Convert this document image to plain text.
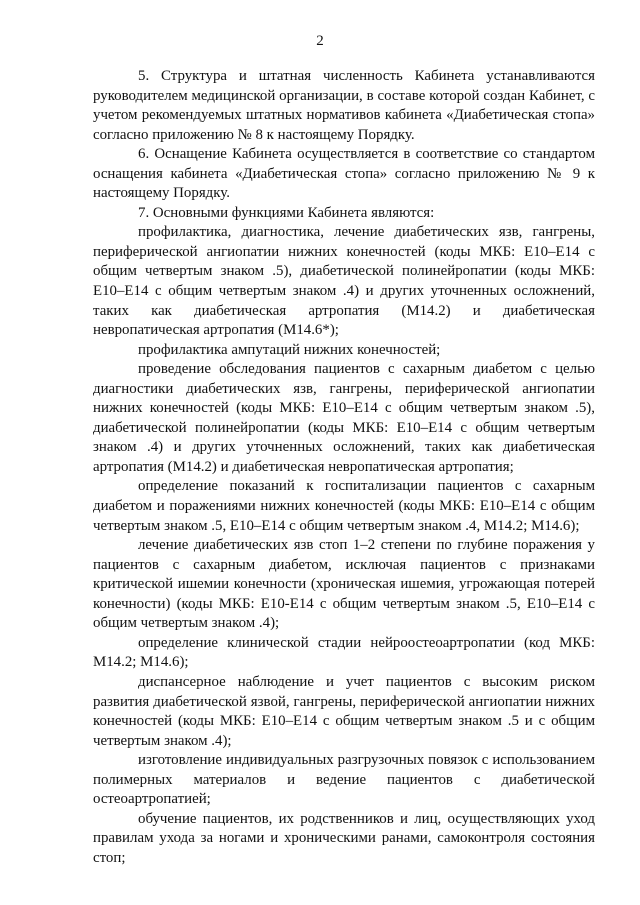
2

5. Структура и штатная численность Кабинета устанавливаются руководителем медицинской организации, в составе которой создан Кабинет, с учетом рекомендуемых штатных нормативов кабинета «Диабетическая стопа» согласно приложению № 8 к настоящему Порядку.

6. Оснащение Кабинета осуществляется в соответствие со стандартом оснащения кабинета «Диабетическая стопа» согласно приложению № 9 к настоящему Порядку.

7. Основными функциями Кабинета являются:

профилактика, диагностика, лечение диабетических язв, гангрены, периферической ангиопатии нижних конечностей (коды МКБ: Е10–Е14 с общим четвертым знаком .5), диабетической полинейропатии (коды МКБ: Е10–Е14 с общим четвертым знаком .4) и других уточненных осложнений, таких как диабетическая артропатия (М14.2) и диабетическая невропатическая артропатия (М14.6*);

профилактика ампутаций нижних конечностей;

проведение обследования пациентов с сахарным диабетом с целью диагностики диабетических язв, гангрены, периферической ангиопатии нижних конечностей (коды МКБ: Е10–Е14 с общим четвертым знаком .5), диабетической полинейропатии (коды МКБ: Е10–Е14 с общим четвертым знаком .4) и других уточненных осложнений, таких как диабетическая артропатия (М14.2) и диабетическая невропатическая артропатия;

определение показаний к госпитализации пациентов с сахарным диабетом и поражениями нижних конечностей (коды МКБ: Е10–Е14 с общим четвертым знаком .5, Е10–Е14 с общим четвертым знаком .4, М14.2; М14.6);

лечение диабетических язв стоп 1–2 степени по глубине поражения у пациентов с сахарным диабетом, исключая пациентов с признаками критической ишемии конечности (хроническая ишемия, угрожающая потерей конечности) (коды МКБ: Е10-Е14 с общим четвертым знаком .5, Е10–Е14 с общим четвертым знаком .4);

определение клинической стадии нейроостеоартропатии (код МКБ: М14.2; М14.6);

диспансерное наблюдение и учет пациентов с высоким риском развития диабетической язвой, гангрены, периферической ангиопатии нижних конечностей (коды МКБ: Е10–Е14 с общим четвертым знаком .5 и с общим четвертым знаком .4);

изготовление индивидуальных разгрузочных повязок с использованием полимерных материалов и ведение пациентов с диабетической остеоартропатией;

обучение пациентов, их родственников и лиц, осуществляющих уход правилам ухода за ногами и хроническими ранами, самоконтроля состояния стоп;
